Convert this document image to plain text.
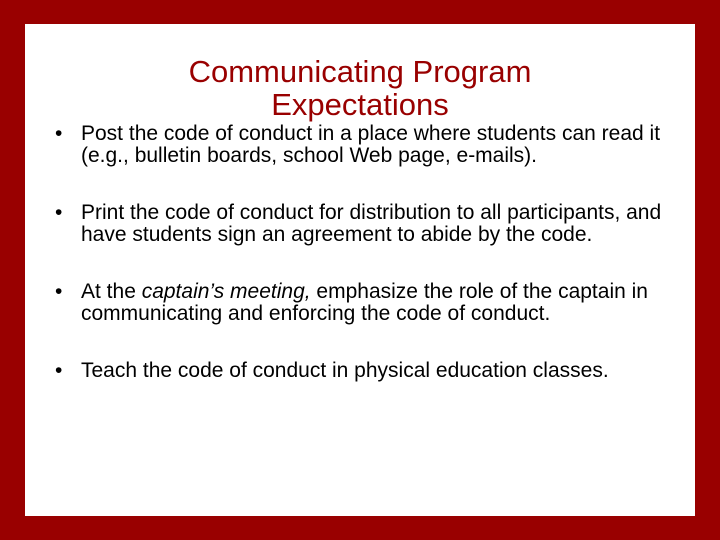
Communicating Program
Expectations
• Post the code of conduct in a place where students can read it (e.g., bulletin boards, school Web page, e-mails).
• Print the code of conduct for distribution to all participants, and have students sign an agreement to abide by the code.
• At the captain’s meeting, emphasize the role of the captain in communicating and enforcing the code of conduct.
• Teach the code of conduct in physical education classes.
